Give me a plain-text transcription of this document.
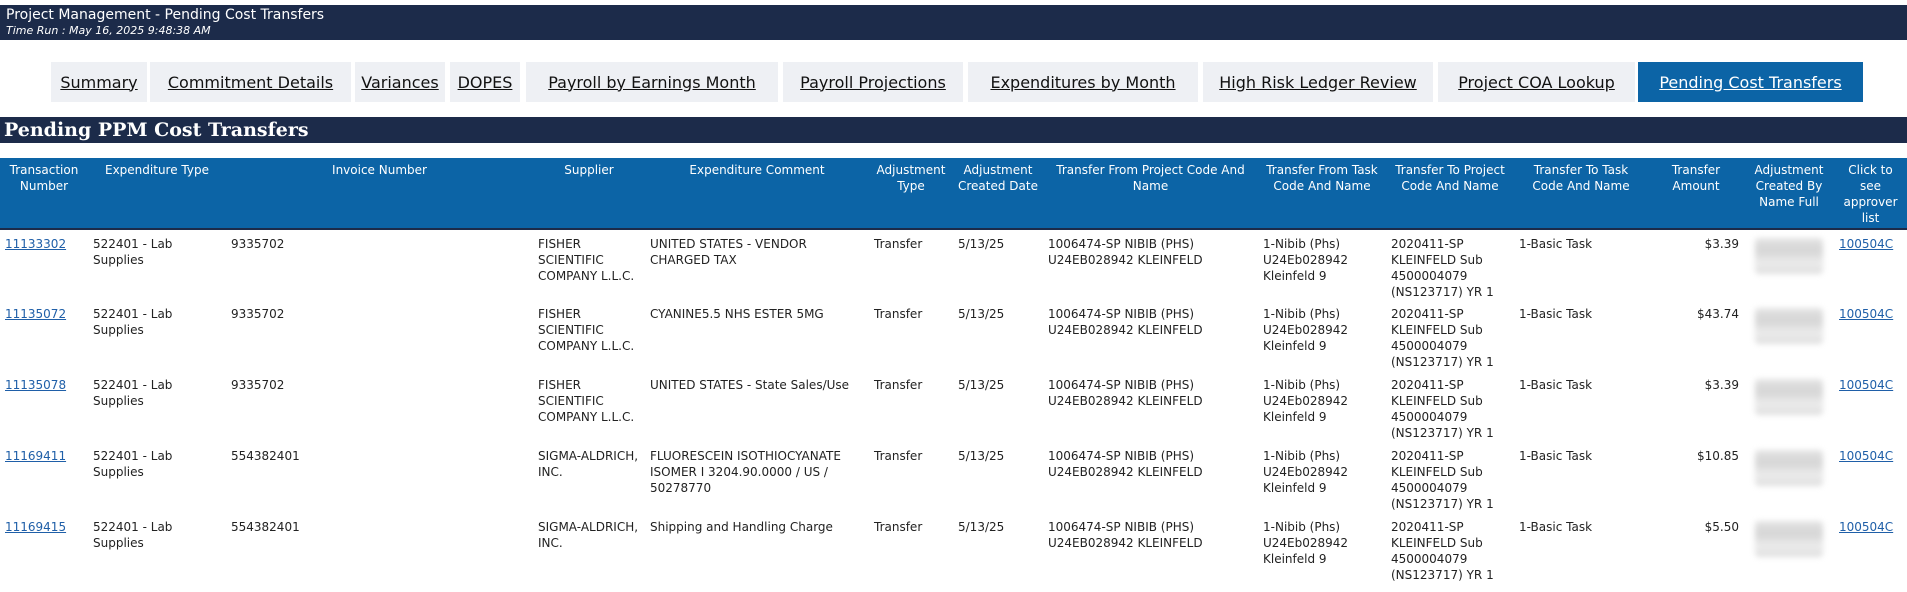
Project Management - Pending Cost Transfers
Time Run : May 16, 2025 9:48:38 AM
Summary Commitment Details Variances DOPES Payroll by Earnings Month	Payroll Projections	Expenditures by Month	High Risk Ledger Review	Project COA Lookup	Pending Cost Transfers
Pending PPM Cost Transfers
Transaction Number	Expenditure Type	Invoice Number	Supplier	Expenditure Comment	Adjustment Type	Adjustment Created Date	Transfer From Project Code And Name	Transfer From Task Code And Name	Transfer To Project Code And Name	Transfer To Task Code And Name	Transfer Amount	Adjustment Created By Name Full	Click to see approver list
11133302	522401 - Lab Supplies	9335702	FISHER SCIENTIFIC COMPANY L.L.C.	UNITED STATES - VENDOR CHARGED TAX	Transfer	5/13/25	1006474-SP NIBIB (PHS) U24EB028942 KLEINFELD	1-Nibib (Phs) U24Eb028942 Kleinfeld 9	2020411-SP KLEINFELD Sub 4500004079 (NS123717) YR 1	1-Basic Task	$3.39		100504C
11135072	522401 - Lab Supplies	9335702	FISHER SCIENTIFIC COMPANY L.L.C.	CYANINE5.5 NHS ESTER 5MG	Transfer	5/13/25	1006474-SP NIBIB (PHS) U24EB028942 KLEINFELD	1-Nibib (Phs) U24Eb028942 Kleinfeld 9	2020411-SP KLEINFELD Sub 4500004079 (NS123717) YR 1	1-Basic Task	$43.74		100504C
11135078	522401 - Lab Supplies	9335702	FISHER SCIENTIFIC COMPANY L.L.C.	UNITED STATES - State Sales/Use	Transfer	5/13/25	1006474-SP NIBIB (PHS) U24EB028942 KLEINFELD	1-Nibib (Phs) U24Eb028942 Kleinfeld 9	2020411-SP KLEINFELD Sub 4500004079 (NS123717) YR 1	1-Basic Task	$3.39		100504C
11169411	522401 - Lab Supplies	554382401	SIGMA-ALDRICH, INC.	FLUORESCEIN ISOTHIOCYANATE ISOMER I 3204.90.0000 / US / 50278770	Transfer	5/13/25	1006474-SP NIBIB (PHS) U24EB028942 KLEINFELD	1-Nibib (Phs) U24Eb028942 Kleinfeld 9	2020411-SP KLEINFELD Sub 4500004079 (NS123717) YR 1	1-Basic Task	$10.85		100504C
11169415	522401 - Lab Supplies	554382401	SIGMA-ALDRICH, INC.	Shipping and Handling Charge	Transfer	5/13/25	1006474-SP NIBIB (PHS) U24EB028942 KLEINFELD	1-Nibib (Phs) U24Eb028942 Kleinfeld 9	2020411-SP KLEINFELD Sub 4500004079 (NS123717) YR 1	1-Basic Task	$5.50		100504C
